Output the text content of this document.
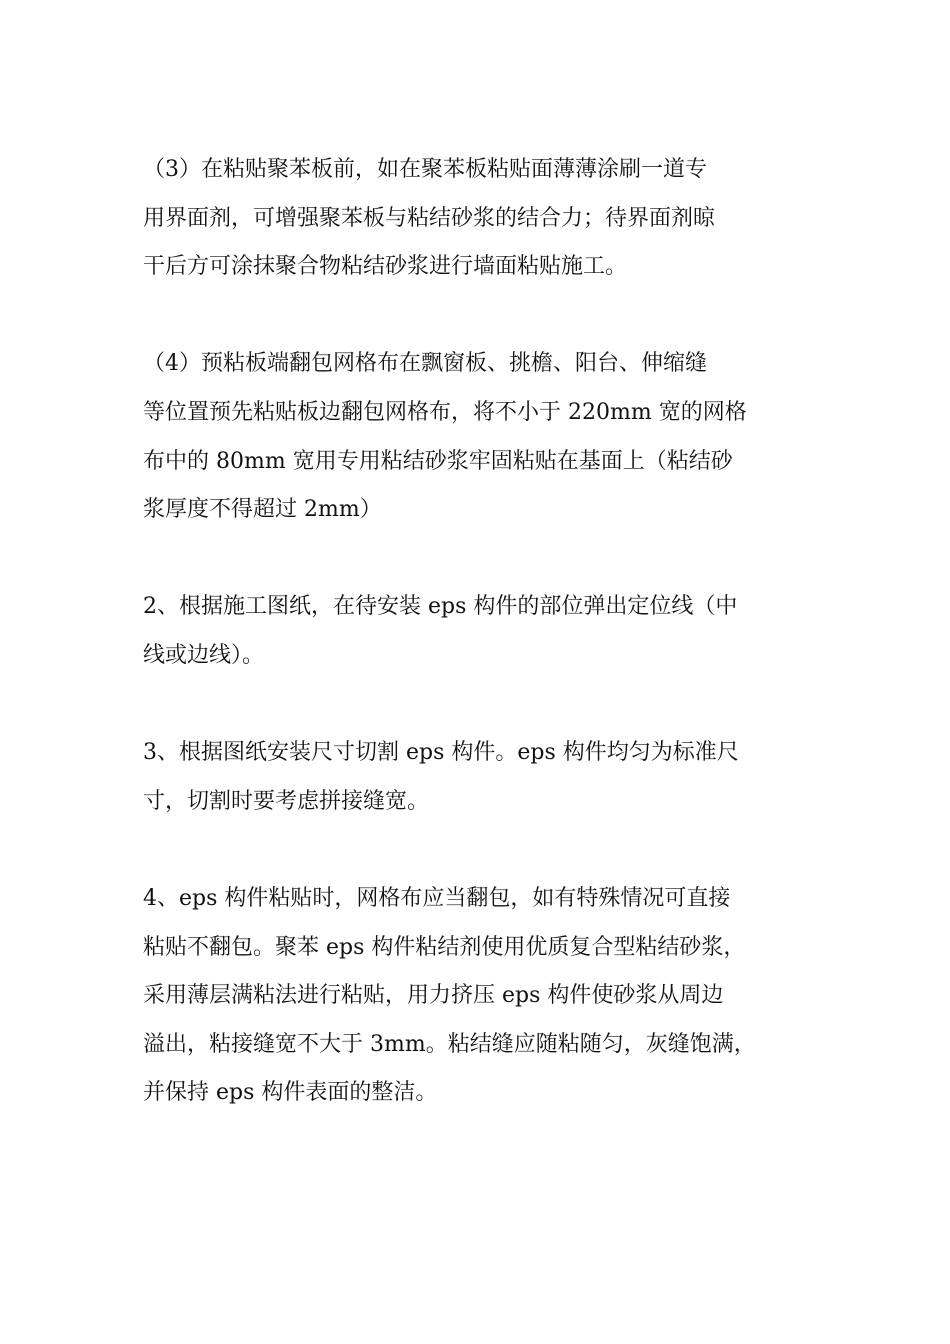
（3）在粘贴聚苯板前，如在聚苯板粘贴面薄薄涂刷一道专
用界面剂，可增强聚苯板与粘结砂浆的结合力；待界面剂晾
干后方可涂抹聚合物粘结砂浆进行墙面粘贴施工。

（4）预粘板端翻包网格布在飘窗板、挑檐、阳台、伸缩缝
等位置预先粘贴板边翻包网格布，将不小于 220mm 宽的网格
布中的 80mm 宽用专用粘结砂浆牢固粘贴在基面上（粘结砂
浆厚度不得超过 2mm）

2、根据施工图纸，在待安装 eps 构件的部位弹出定位线（中
线或边线）。

3、根据图纸安装尺寸切割 eps 构件。eps 构件均匀为标准尺
寸，切割时要考虑拼接缝宽。

4、eps 构件粘贴时，网格布应当翻包，如有特殊情况可直接
粘贴不翻包。聚苯 eps 构件粘结剂使用优质复合型粘结砂浆，
采用薄层满粘法进行粘贴，用力挤压 eps 构件使砂浆从周边
溢出，粘接缝宽不大于 3mm。粘结缝应随粘随匀，灰缝饱满，
并保持 eps 构件表面的整洁。
